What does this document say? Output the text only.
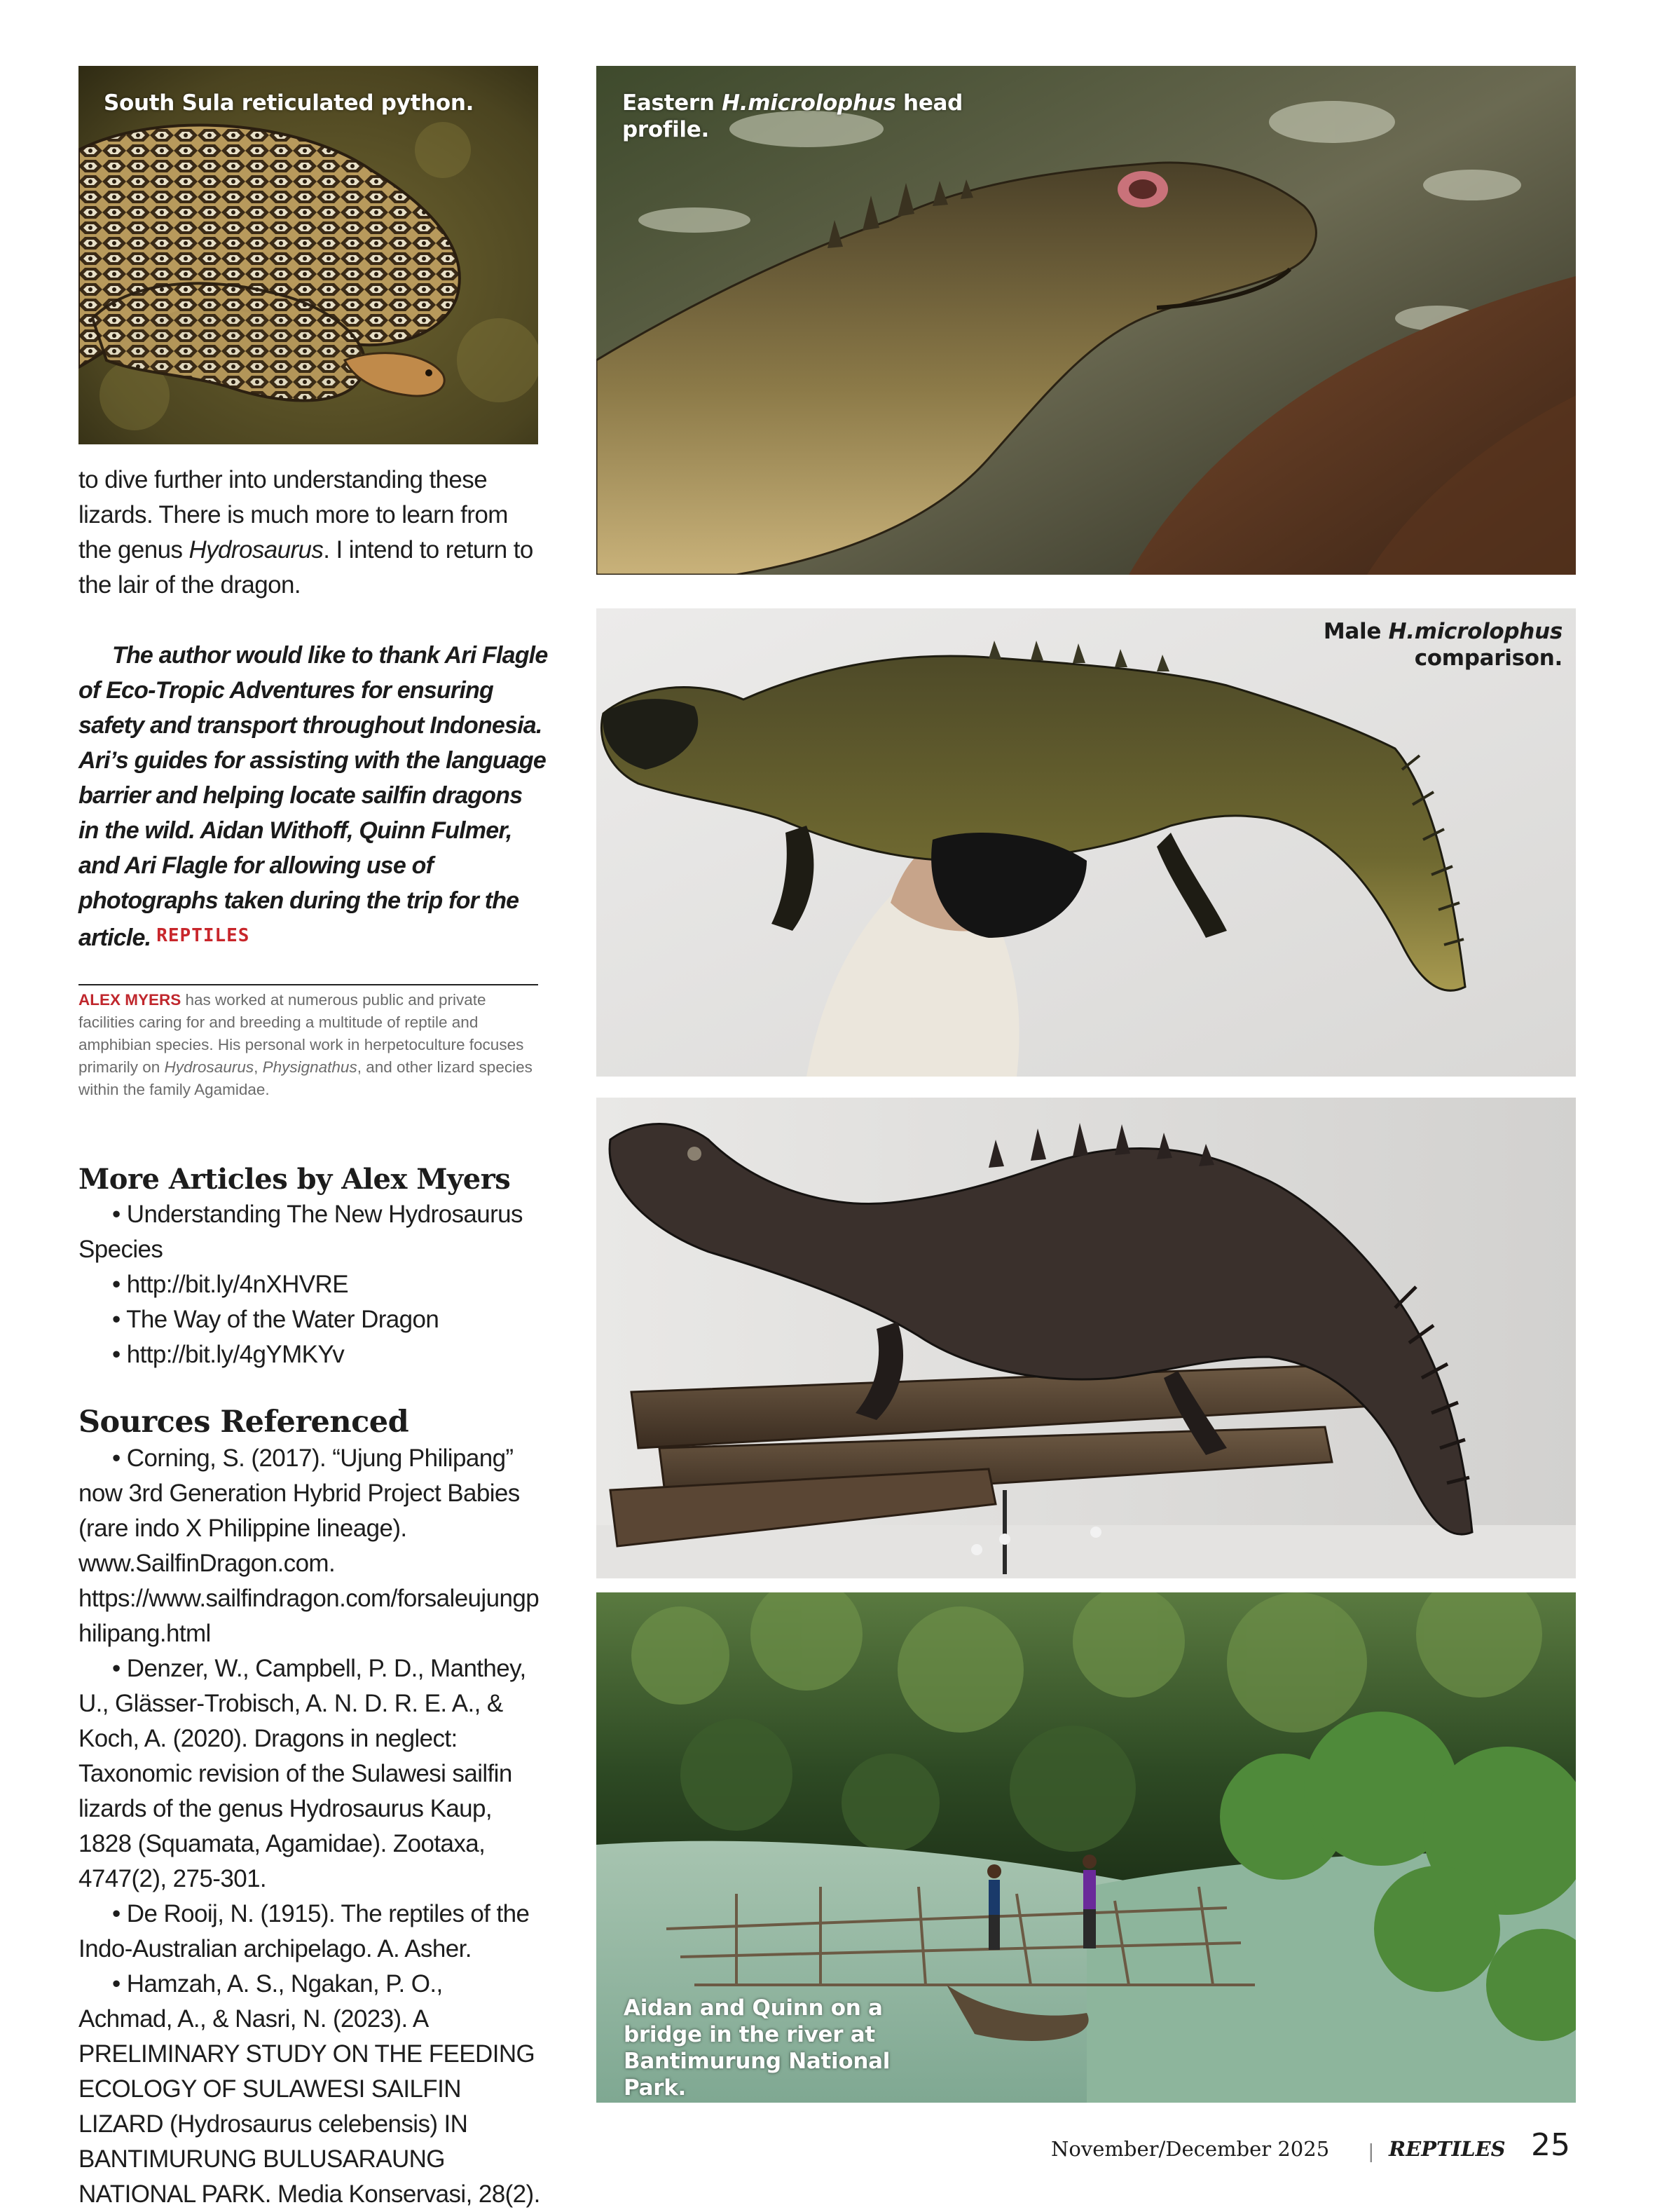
South Sula reticulated python.	Eastern H.microlophus head profile.
Male H.microlophus comparison.
Aidan and Quinn on a bridge in the river at Bantimurung National Park.
to dive further into understanding these lizards. There is much more to learn from the genus Hydrosaurus. I intend to return to the lair of the dragon.
The author would like to thank Ari Flagle of Eco-Tropic Adventures for ensuring safety and transport throughout Indonesia. Ari’s guides for assisting with the language barrier and helping locate sailfin dragons in the wild. Aidan Withoff, Quinn Fulmer, and Ari Flagle for allowing use of photographs taken during the trip for the article. REPTILES
ALEX MYERS has worked at numerous public and private facilities caring for and breeding a multitude of reptile and amphibian species. His personal work in herpetoculture focuses primarily on Hydrosaurus, Physignathus, and other lizard species within the family Agamidae.
More Articles by Alex Myers
• Understanding The New Hydrosaurus Species
• http://bit.ly/4nXHVRE
• The Way of the Water Dragon
• http://bit.ly/4gYMKYv
Sources Referenced
• Corning, S. (2017). “Ujung Philipang” now 3rd Generation Hybrid Project Babies (rare indo X Philippine lineage). www.SailfinDragon.com. https://www.sailfindragon.com/forsaleujungphilipang.html
• Denzer, W., Campbell, P. D., Manthey, U., Glässer-Trobisch, A. N. D. R. E. A., & Koch, A. (2020). Dragons in neglect: Taxonomic revision of the Sulawesi sailfin lizards of the genus Hydrosaurus Kaup, 1828 (Squamata, Agamidae). Zootaxa, 4747(2), 275-301.
• De Rooij, N. (1915). The reptiles of the Indo-Australian archipelago. A. Asher.
• Hamzah, A. S., Ngakan, P. O., Achmad, A., & Nasri, N. (2023). A PRELIMINARY STUDY ON THE FEEDING ECOLOGY OF SULAWESI SAILFIN LIZARD (Hydrosaurus celebensis) IN BANTIMURUNG BULUSARAUNG NATIONAL PARK. Media Konservasi, 28(2).
November/December 2025 | REPTILES 25
